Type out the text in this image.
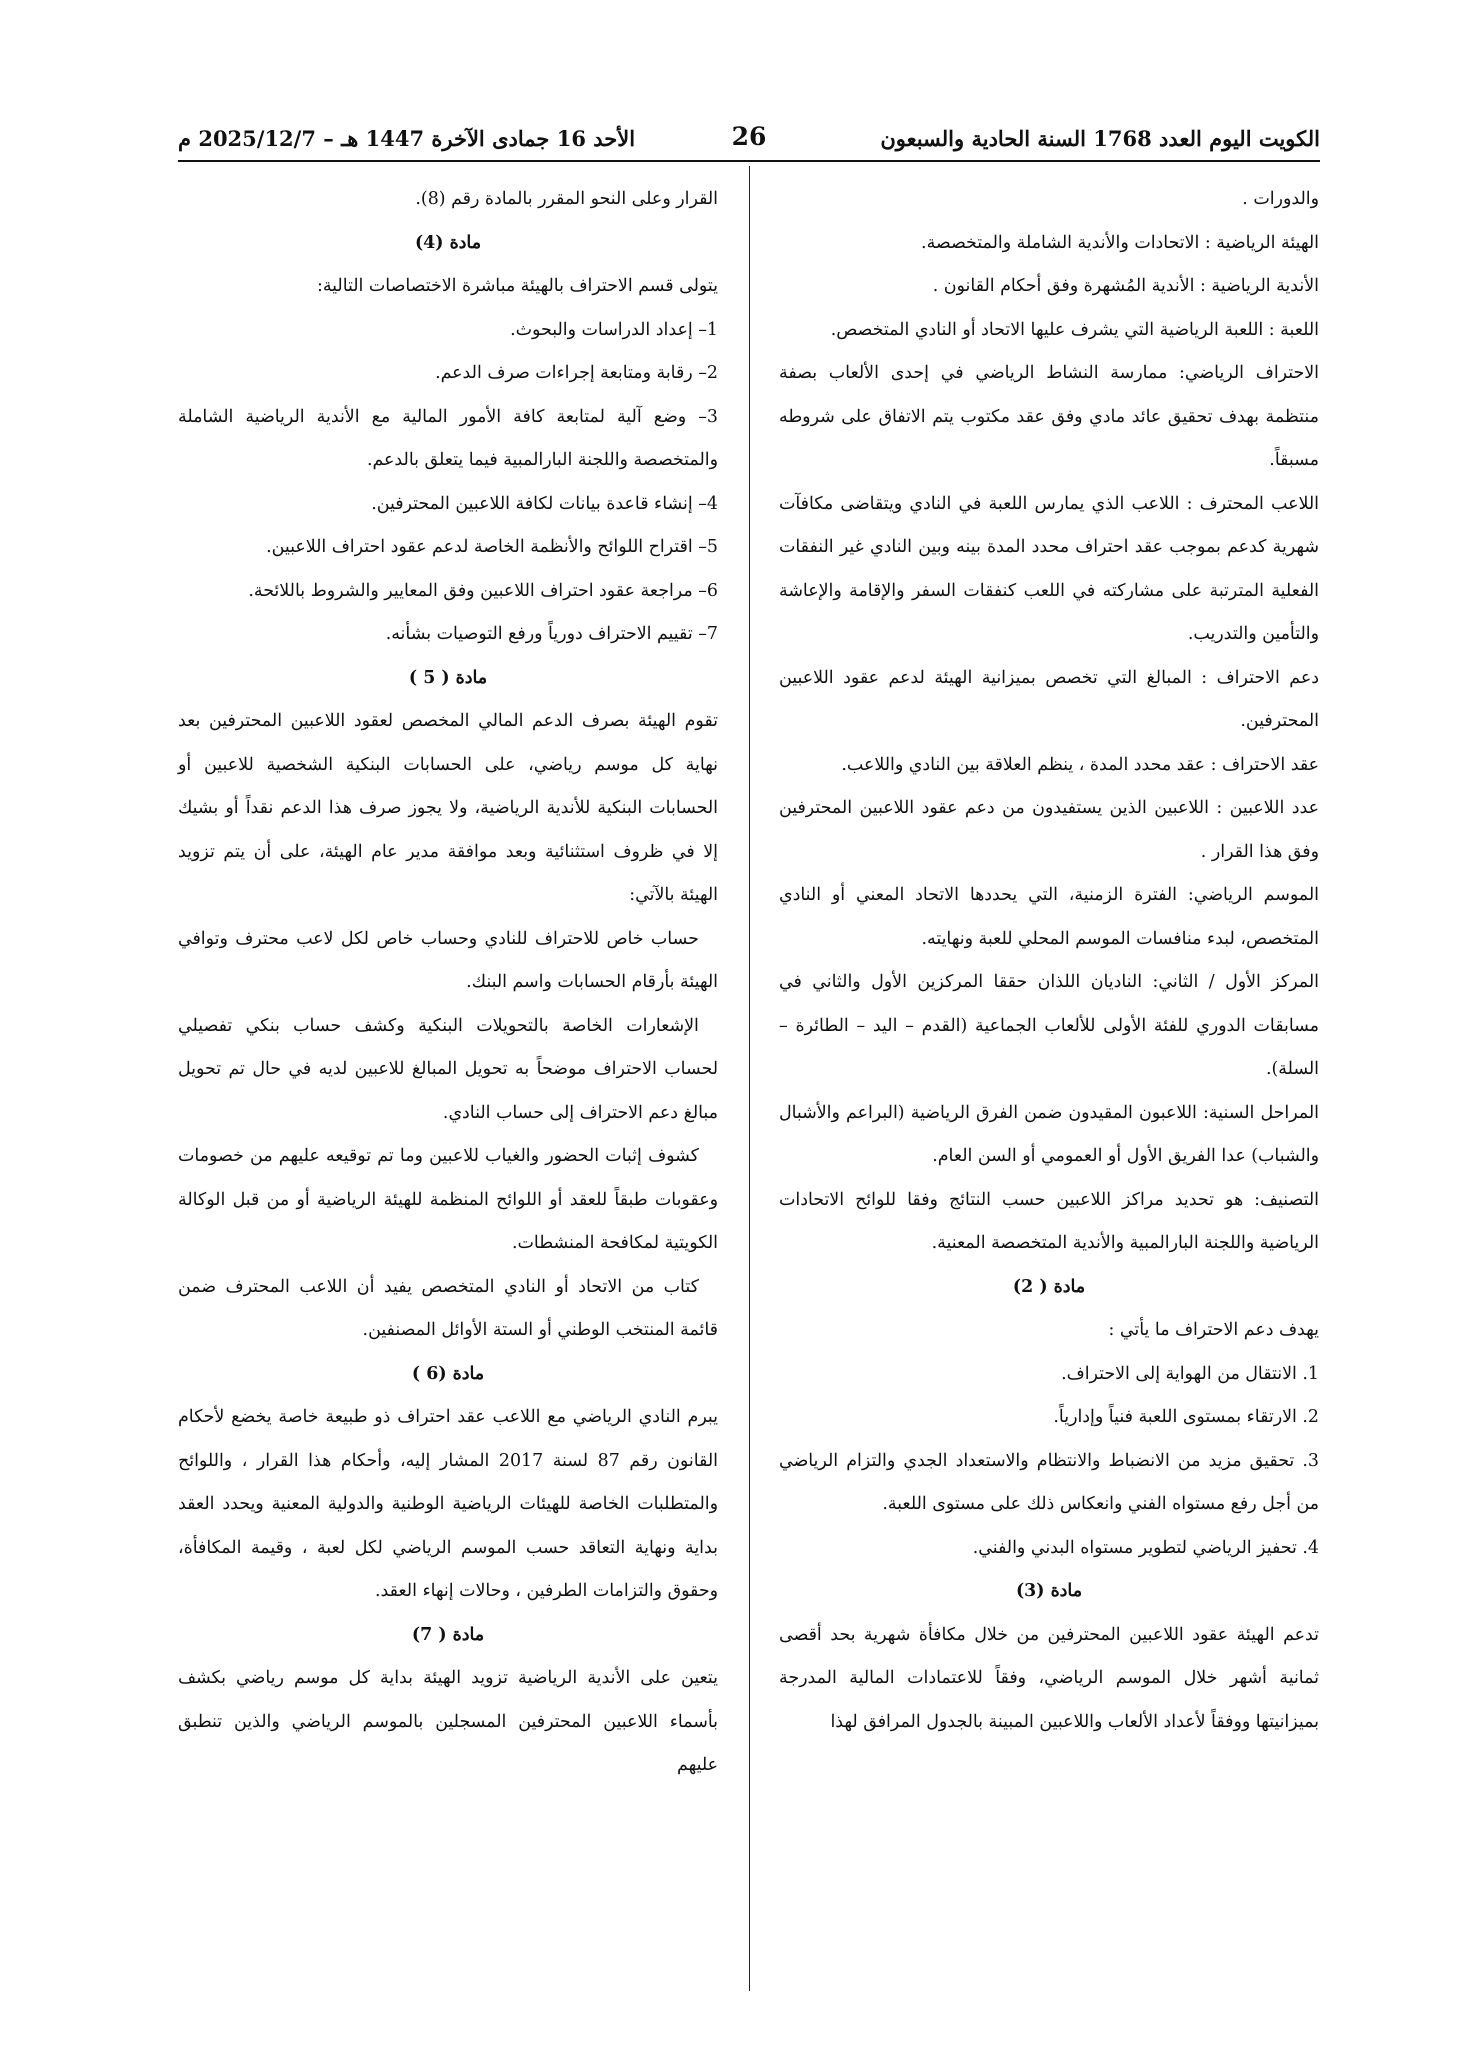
الكويت اليوم العدد 1768 السنة الحادية والسبعون
26
الأحد 16 جمادى الآخرة 1447 هـ – 2025/12/7 م

والدورات .

الهيئة الرياضية : الاتحادات والأندية الشاملة والمتخصصة.

الأندية الرياضية : الأندية المُشهرة وفق أحكام القانون .

اللعبة : اللعبة الرياضية التي يشرف عليها الاتحاد أو النادي المتخصص.

الاحتراف الرياضي: ممارسة النشاط الرياضي في إحدى الألعاب بصفة منتظمة بهدف تحقيق عائد مادي وفق عقد مكتوب يتم الاتفاق على شروطه مسبقاً.

اللاعب المحترف : اللاعب الذي يمارس اللعبة في النادي ويتقاضى مكافآت شهرية كدعم بموجب عقد احتراف محدد المدة بينه وبين النادي غير النفقات الفعلية المترتبة على مشاركته في اللعب كنفقات السفر والإقامة والإعاشة والتأمين والتدريب.

دعم الاحتراف : المبالغ التي تخصص بميزانية الهيئة لدعم عقود اللاعبين المحترفين.

عقد الاحتراف : عقد محدد المدة ، ينظم العلاقة بين النادي واللاعب.

عدد اللاعبين : اللاعبين الذين يستفيدون من دعم عقود اللاعبين المحترفين وفق هذا القرار .

الموسم الرياضي: الفترة الزمنية، التي يحددها الاتحاد المعني أو النادي المتخصص، لبدء منافسات الموسم المحلي للعبة ونهايته.

المركز الأول / الثاني: الناديان اللذان حققا المركزين الأول والثاني في مسابقات الدوري للفئة الأولى للألعاب الجماعية (القدم – اليد – الطائرة – السلة).

المراحل السنية: اللاعبون المقيدون ضمن الفرق الرياضية (البراعم والأشبال والشباب) عدا الفريق الأول أو العمومي أو السن العام.

التصنيف: هو تحديد مراكز اللاعبين حسب النتائج وفقا للوائح الاتحادات الرياضية واللجنة البارالمبية والأندية المتخصصة المعنية.

مادة ( 2)

يهدف دعم الاحتراف ما يأتي :

1. الانتقال من الهواية إلى الاحتراف.

2. الارتقاء بمستوى اللعبة فنياً وإدارياً.

3. تحقيق مزيد من الانضباط والانتظام والاستعداد الجدي والتزام الرياضي من أجل رفع مستواه الفني وانعكاس ذلك على مستوى اللعبة.

4. تحفيز الرياضي لتطوير مستواه البدني والفني.

مادة (3)

تدعم الهيئة عقود اللاعبين المحترفين من خلال مكافأة شهرية بحد أقصى ثمانية أشهر خلال الموسم الرياضي، وفقاً للاعتمادات المالية المدرجة بميزانيتها ووفقاً لأعداد الألعاب واللاعبين المبينة بالجدول المرافق لهذا

القرار وعلى النحو المقرر بالمادة رقم (8).

مادة (4)

يتولى قسم الاحتراف بالهيئة مباشرة الاختصاصات التالية:

1– إعداد الدراسات والبحوث.

2– رقابة ومتابعة إجراءات صرف الدعم.

3– وضع آلية لمتابعة كافة الأمور المالية مع الأندية الرياضية الشاملة والمتخصصة واللجنة البارالمبية فيما يتعلق بالدعم.

4– إنشاء قاعدة بيانات لكافة اللاعبين المحترفين.

5– اقتراح اللوائح والأنظمة الخاصة لدعم عقود احتراف اللاعبين.

6– مراجعة عقود احتراف اللاعبين وفق المعايير والشروط باللائحة.

7– تقييم الاحتراف دورياً ورفع التوصيات بشأنه.

مادة ( 5 )

تقوم الهيئة بصرف الدعم المالي المخصص لعقود اللاعبين المحترفين بعد نهاية كل موسم رياضي، على الحسابات البنكية الشخصية للاعبين أو الحسابات البنكية للأندية الرياضية، ولا يجوز صرف هذا الدعم نقداً أو بشيك إلا في ظروف استثنائية وبعد موافقة مدير عام الهيئة، على أن يتم تزويد الهيئة بالآتي:

حساب خاص للاحتراف للنادي وحساب خاص لكل لاعب محترف وتوافي الهيئة بأرقام الحسابات واسم البنك.

الإشعارات الخاصة بالتحويلات البنكية وكشف حساب بنكي تفصيلي لحساب الاحتراف موضحاً به تحويل المبالغ للاعبين لديه في حال تم تحويل مبالغ دعم الاحتراف إلى حساب النادي.

كشوف إثبات الحضور والغياب للاعبين وما تم توقيعه عليهم من خصومات وعقوبات طبقاً للعقد أو اللوائح المنظمة للهيئة الرياضية أو من قبل الوكالة الكويتية لمكافحة المنشطات.

كتاب من الاتحاد أو النادي المتخصص يفيد أن اللاعب المحترف ضمن قائمة المنتخب الوطني أو الستة الأوائل المصنفين.

مادة (6 )

يبرم النادي الرياضي مع اللاعب عقد احتراف ذو طبيعة خاصة يخضع لأحكام القانون رقم 87 لسنة 2017 المشار إليه، وأحكام هذا القرار ، واللوائح والمتطلبات الخاصة للهيئات الرياضية الوطنية والدولية المعنية ويحدد العقد بداية ونهاية التعاقد حسب الموسم الرياضي لكل لعبة ، وقيمة المكافأة، وحقوق والتزامات الطرفين ، وحالات إنهاء العقد.

مادة ( 7)

يتعين على الأندية الرياضية تزويد الهيئة بداية كل موسم رياضي بكشف بأسماء اللاعبين المحترفين المسجلين بالموسم الرياضي والذين تنطبق عليهم
